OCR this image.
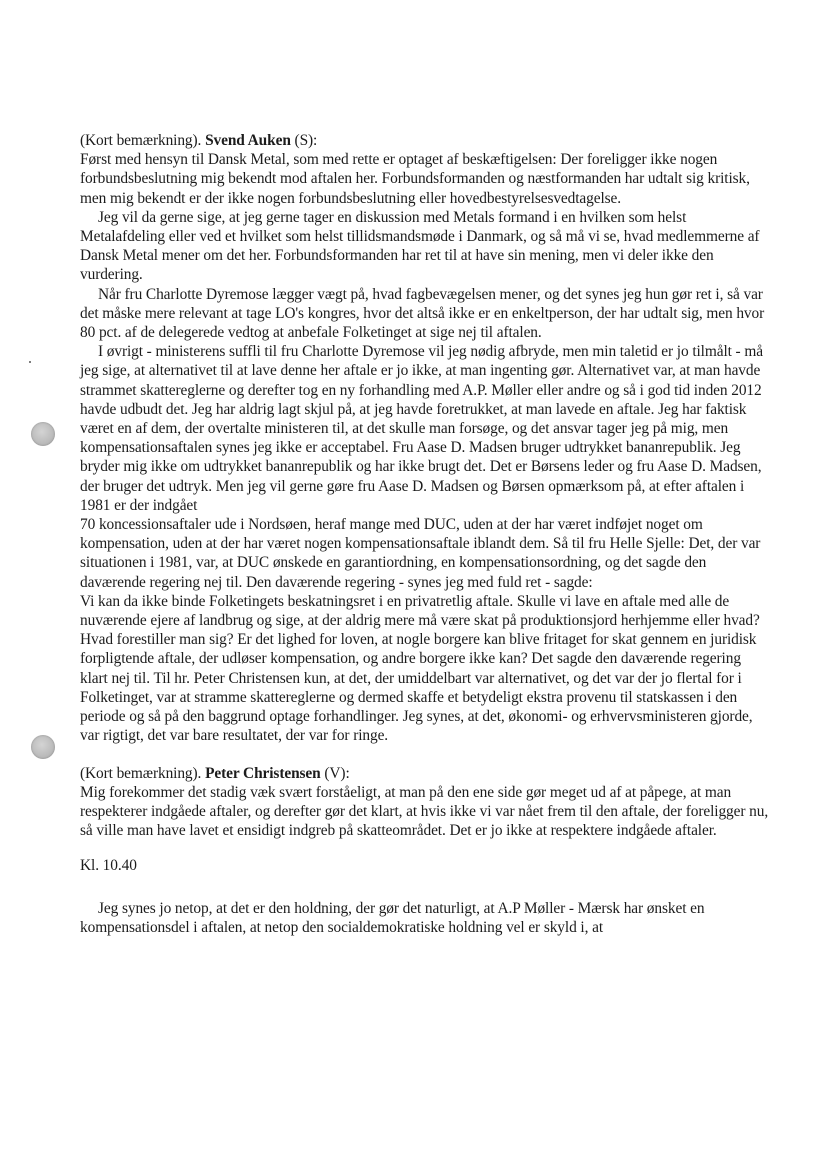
(Kort bemærkning). Svend Auken (S):

Først med hensyn til Dansk Metal, som med rette er optaget af beskæftigelsen: Der foreligger ikke nogen forbundsbeslutning mig bekendt mod aftalen her. Forbundsformanden og næstformanden har udtalt sig kritisk, men mig bekendt er der ikke nogen forbundsbeslutning eller hovedbestyrelsesvedtagelse.

Jeg vil da gerne sige, at jeg gerne tager en diskussion med Metals formand i en hvilken som helst Metalafdeling eller ved et hvilket som helst tillidsmandsmøde i Danmark, og så må vi se, hvad medlemmerne af Dansk Metal mener om det her. Forbundsformanden har ret til at have sin mening, men vi deler ikke den vurdering.

Når fru Charlotte Dyremose lægger vægt på, hvad fagbevægelsen mener, og det synes jeg hun gør ret i, så var det måske mere relevant at tage LO's kongres, hvor det altså ikke er en enkeltperson, der har udtalt sig, men hvor 80 pct. af de delegerede vedtog at anbefale Folketinget at sige nej til aftalen.

I øvrigt - ministerens suffli til fru Charlotte Dyremose vil jeg nødig afbryde, men min taletid er jo tilmålt - må jeg sige, at alternativet til at lave denne her aftale er jo ikke, at man ingenting gør. Alternativet var, at man havde strammet skattereglerne og derefter tog en ny forhandling med A.P. Møller eller andre og så i god tid inden 2012 havde udbudt det. Jeg har aldrig lagt skjul på, at jeg havde foretrukket, at man lavede en aftale. Jeg har faktisk været en af dem, der overtalte ministeren til, at det skulle man forsøge, og det ansvar tager jeg på mig, men kompensationsaftalen synes jeg ikke er acceptabel. Fru Aase D. Madsen bruger udtrykket bananrepublik. Jeg bryder mig ikke om udtrykket bananrepublik og har ikke brugt det. Det er Børsens leder og fru Aase D. Madsen, der bruger det udtryk. Men jeg vil gerne gøre fru Aase D. Madsen og Børsen opmærksom på, at efter aftalen i 1981 er der indgået

70 koncessionsaftaler ude i Nordsøen, heraf mange med DUC, uden at der har været indføjet noget om kompensation, uden at der har været nogen kompensationsaftale iblandt dem. Så til fru Helle Sjelle: Det, der var situationen i 1981, var, at DUC ønskede en garantiordning, en kompensationsordning, og det sagde den daværende regering nej til. Den daværende regering - synes jeg med fuld ret - sagde:

Vi kan da ikke binde Folketingets beskatningsret i en privatretlig aftale. Skulle vi lave en aftale med alle de nuværende ejere af landbrug og sige, at der aldrig mere må være skat på produktionsjord herhjemme eller hvad? Hvad forestiller man sig? Er det lighed for loven, at nogle borgere kan blive fritaget for skat gennem en juridisk forpligtende aftale, der udløser kompensation, og andre borgere ikke kan? Det sagde den daværende regering klart nej til. Til hr. Peter Christensen kun, at det, der umiddelbart var alternativet, og det var der jo flertal for i Folketinget, var at stramme skattereglerne og dermed skaffe et betydeligt ekstra provenu til statskassen i den periode og så på den baggrund optage forhandlinger. Jeg synes, at det, økonomi- og erhvervsministeren gjorde, var rigtigt, det var bare resultatet, der var for ringe.

(Kort bemærkning). Peter Christensen (V):

Mig forekommer det stadig væk svært forståeligt, at man på den ene side gør meget ud af at påpege, at man respekterer indgåede aftaler, og derefter gør det klart, at hvis ikke vi var nået frem til den aftale, der foreligger nu, så ville man have lavet et ensidigt indgreb på skatteområdet. Det er jo ikke at respektere indgåede aftaler.

Kl. 10.40

Jeg synes jo netop, at det er den holdning, der gør det naturligt, at A.P Møller - Mærsk har ønsket en kompensationsdel i aftalen, at netop den socialdemokratiske holdning vel er skyld i, at
